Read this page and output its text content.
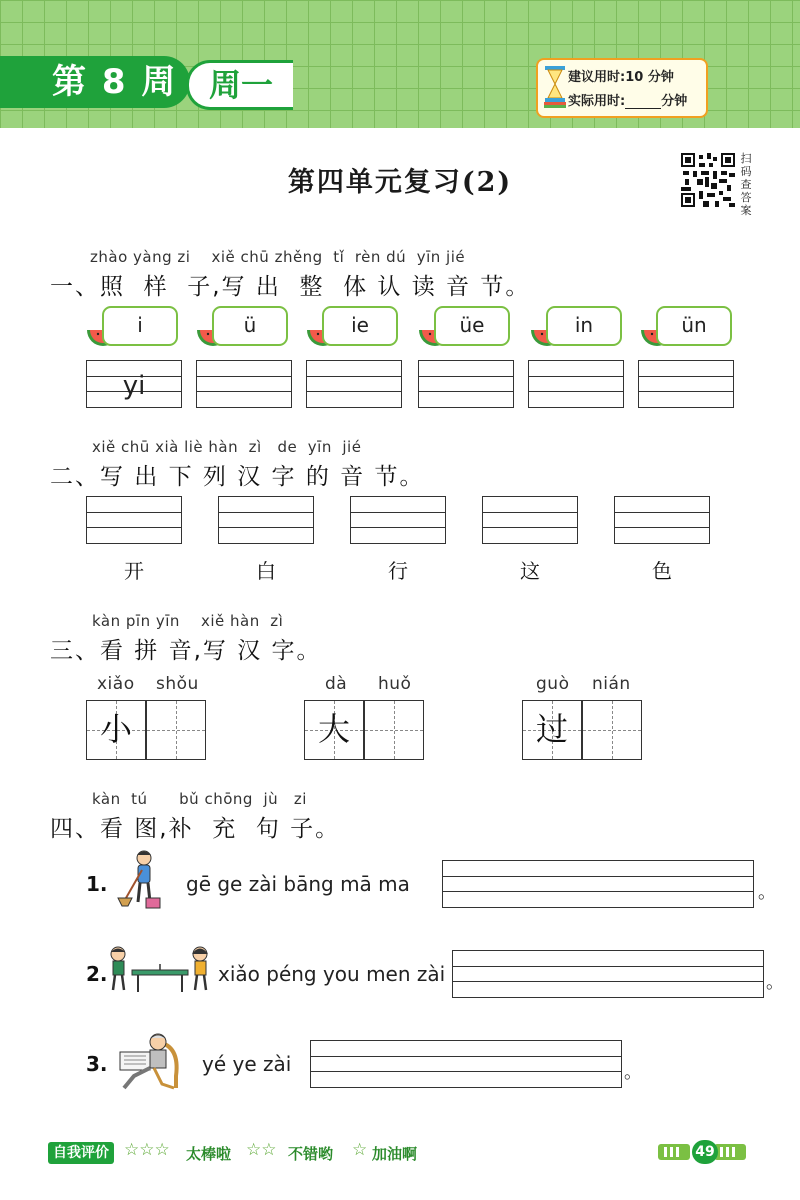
第 8 周 周一	建议用时:10 分钟
实际用时:	分钟
第四单元复习(2)
扫
码
查
答
案
zhào yàng zi    xiě chū zhěng  tǐ  rèn dú  yīn jié
一、照  样  子,写 出  整  体 认 读 音 节。
i	ü	ie	üe	in	ün
yi
xiě chū xià liè hàn  zì   de  yīn  jié
二、写 出 下 列 汉 字 的 音 节。
开	白	行	这	色
kàn pīn yīn    xiě hàn  zì
三、看 拼 音,写 汉 字。
xiǎo shǒu
小
dà huǒ
大
guò nián
过
kàn  tú      bǔ chōng  jù   zi
四、看 图,补  充  句 子。
1.	gē ge zài bāng mā ma	。
2.	xiǎo péng you men zài	。
3.	yé ye zài	。
自我评价 ☆☆☆ 太棒啦 ☆☆ 不错哟 ☆ 加油啊	49
